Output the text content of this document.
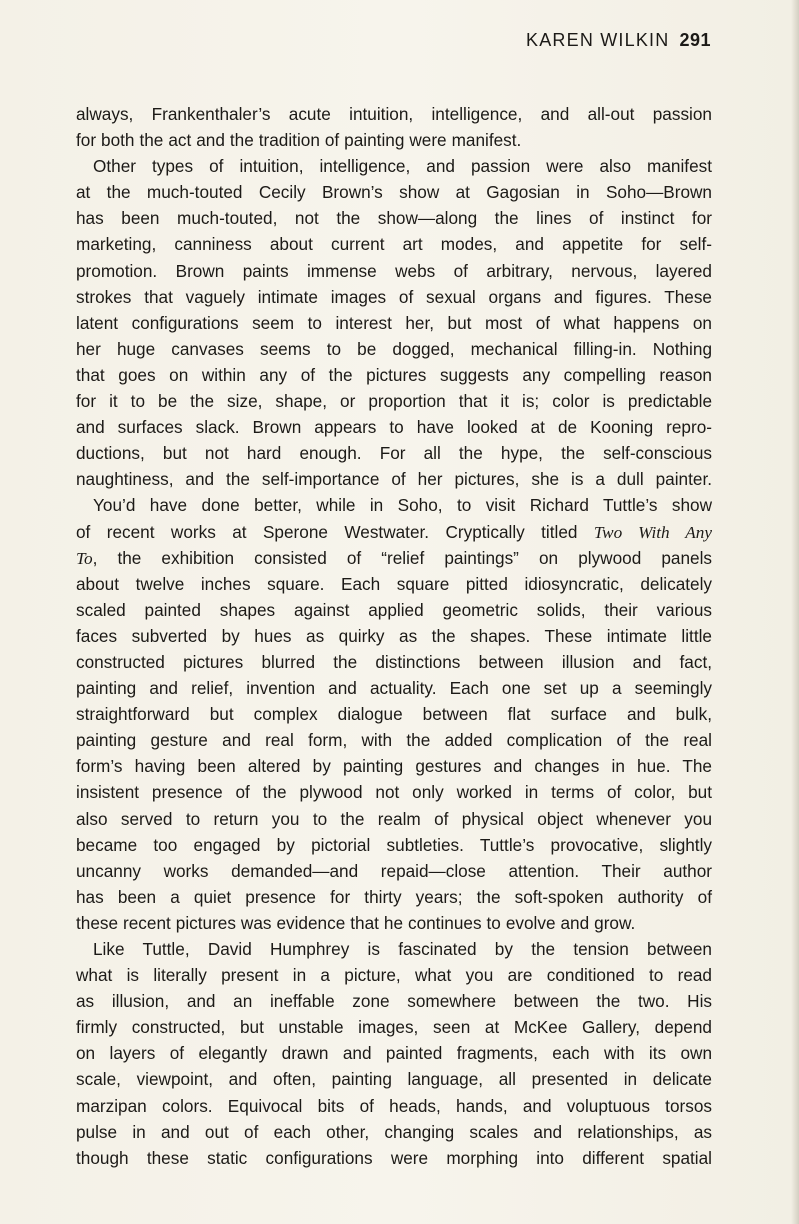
KAREN WILKIN 291
always, Frankenthaler’s acute intuition, intelligence, and all-out passion
for both the act and the tradition of painting were manifest.
Other types of intuition, intelligence, and passion were also manifest
at the much-touted Cecily Brown’s show at Gagosian in Soho—Brown
has been much-touted, not the show—along the lines of instinct for
marketing, canniness about current art modes, and appetite for self-
promotion. Brown paints immense webs of arbitrary, nervous, layered
strokes that vaguely intimate images of sexual organs and figures. These
latent configurations seem to interest her, but most of what happens on
her huge canvases seems to be dogged, mechanical filling-in. Nothing
that goes on within any of the pictures suggests any compelling reason
for it to be the size, shape, or proportion that it is; color is predictable
and surfaces slack. Brown appears to have looked at de Kooning repro-
ductions, but not hard enough. For all the hype, the self-conscious
naughtiness, and the self-importance of her pictures, she is a dull painter.
You’d have done better, while in Soho, to visit Richard Tuttle’s show
of recent works at Sperone Westwater. Cryptically titled Two With Any
To, the exhibition consisted of “relief paintings” on plywood panels
about twelve inches square. Each square pitted idiosyncratic, delicately
scaled painted shapes against applied geometric solids, their various
faces subverted by hues as quirky as the shapes. These intimate little
constructed pictures blurred the distinctions between illusion and fact,
painting and relief, invention and actuality. Each one set up a seemingly
straightforward but complex dialogue between flat surface and bulk,
painting gesture and real form, with the added complication of the real
form’s having been altered by painting gestures and changes in hue. The
insistent presence of the plywood not only worked in terms of color, but
also served to return you to the realm of physical object whenever you
became too engaged by pictorial subtleties. Tuttle’s provocative, slightly
uncanny works demanded—and repaid—close attention. Their author
has been a quiet presence for thirty years; the soft-spoken authority of
these recent pictures was evidence that he continues to evolve and grow.
Like Tuttle, David Humphrey is fascinated by the tension between
what is literally present in a picture, what you are conditioned to read
as illusion, and an ineffable zone somewhere between the two. His
firmly constructed, but unstable images, seen at McKee Gallery, depend
on layers of elegantly drawn and painted fragments, each with its own
scale, viewpoint, and often, painting language, all presented in delicate
marzipan colors. Equivocal bits of heads, hands, and voluptuous torsos
pulse in and out of each other, changing scales and relationships, as
though these static configurations were morphing into different spatial
